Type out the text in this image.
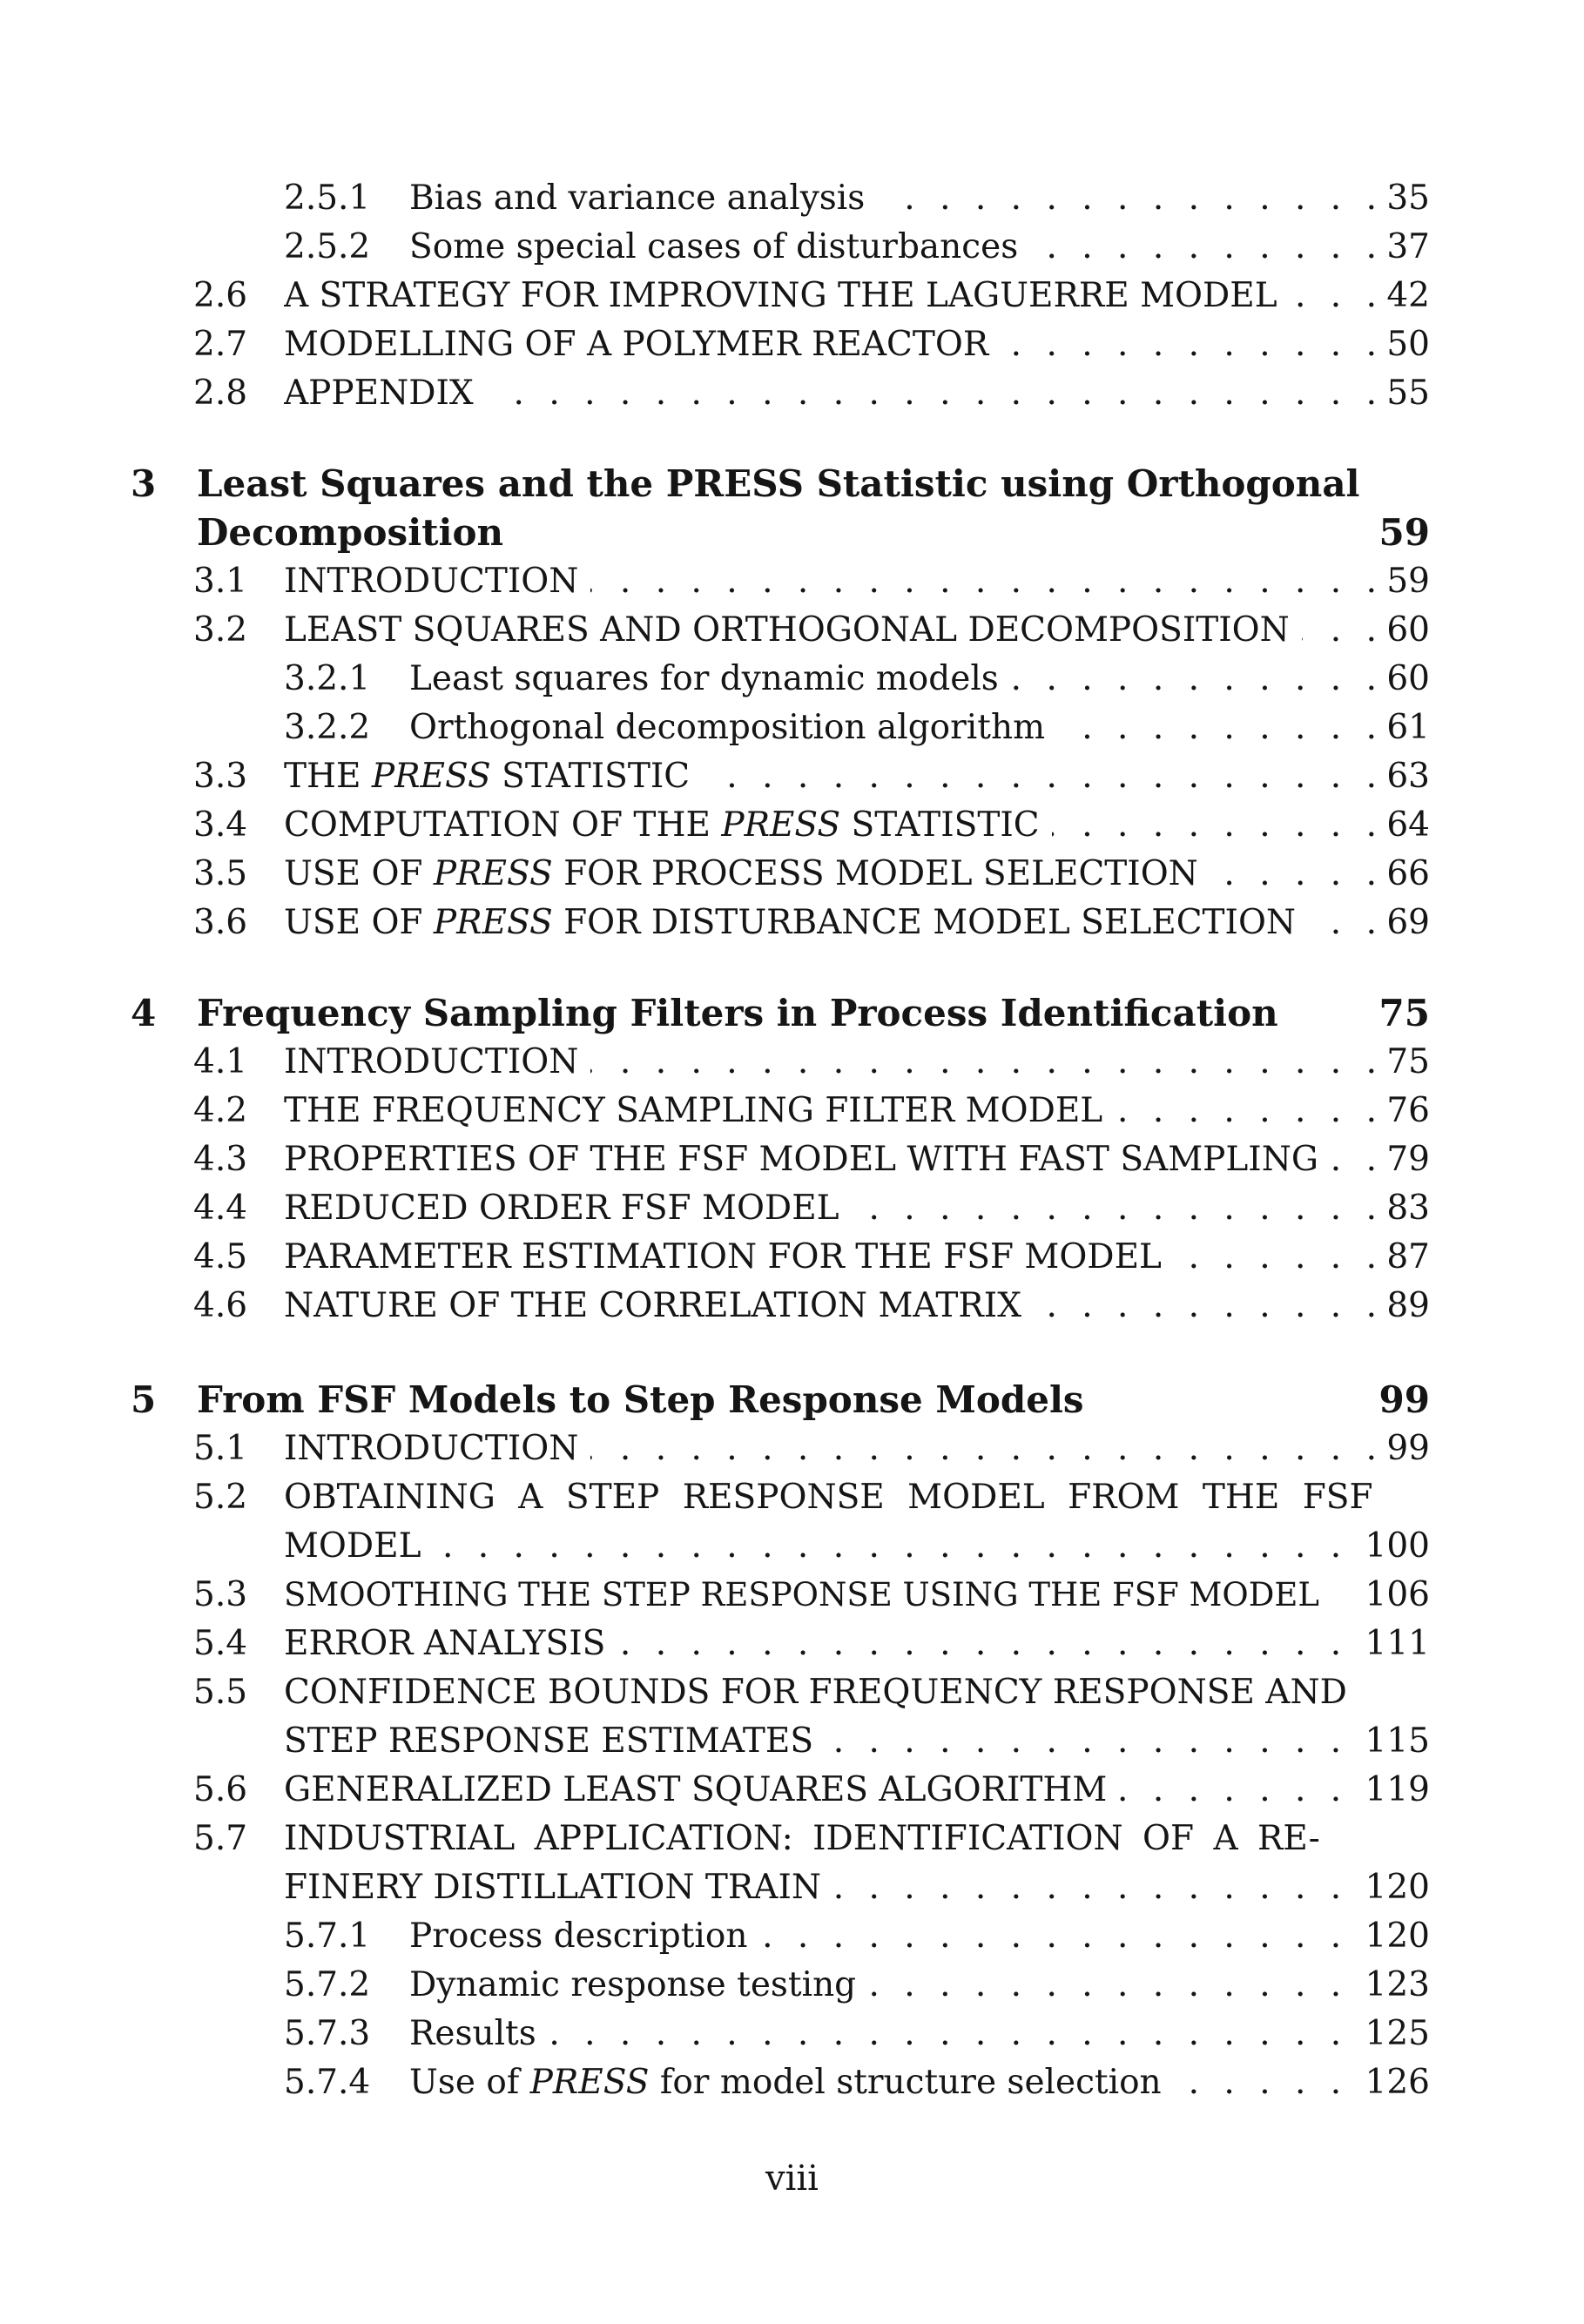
2.5.1 Bias and variance analysis . . .	35
2.5.2 Some special cases of disturbances . . .	37
2.6 A STRATEGY FOR IMPROVING THE LAGUERRE MODEL . . .	42
2.7 MODELLING OF A POLYMER REACTOR . . .	50
2.8 APPENDIX . . .	55
3 Least Squares and the PRESS Statistic using Orthogonal
Decomposition	59
3.1 INTRODUCTION . . .	59
3.2 LEAST SQUARES AND ORTHOGONAL DECOMPOSITION . . .	60
3.2.1 Least squares for dynamic models . . .	60
3.2.2 Orthogonal decomposition algorithm . . .	61
3.3 THE PRESS STATISTIC . . .	63
3.4 COMPUTATION OF THE PRESS STATISTIC . . .	64
3.5 USE OF PRESS FOR PROCESS MODEL SELECTION . . .	66
3.6 USE OF PRESS FOR DISTURBANCE MODEL SELECTION . . .	69
4 Frequency Sampling Filters in Process Identification	75
4.1 INTRODUCTION . . .	75
4.2 THE FREQUENCY SAMPLING FILTER MODEL . . .	76
4.3 PROPERTIES OF THE FSF MODEL WITH FAST SAMPLING . . .	79
4.4 REDUCED ORDER FSF MODEL . . .	83
4.5 PARAMETER ESTIMATION FOR THE FSF MODEL . . .	87
4.6 NATURE OF THE CORRELATION MATRIX . . .	89
5 From FSF Models to Step Response Models	99
5.1 INTRODUCTION . . .	99
5.2 OBTAINING A STEP RESPONSE MODEL FROM THE FSF
MODEL . . .	100
5.3 SMOOTHING THE STEP RESPONSE USING THE FSF MODEL	106
5.4 ERROR ANALYSIS . . .	111
5.5 CONFIDENCE BOUNDS FOR FREQUENCY RESPONSE AND
STEP RESPONSE ESTIMATES . . .	115
5.6 GENERALIZED LEAST SQUARES ALGORITHM . . .	119
5.7 INDUSTRIAL APPLICATION: IDENTIFICATION OF A RE-
FINERY DISTILLATION TRAIN . . .	120
5.7.1 Process description . . .	120
5.7.2 Dynamic response testing . . .	123
5.7.3 Results . . .	125
5.7.4 Use of PRESS for model structure selection . . .	126
viii
